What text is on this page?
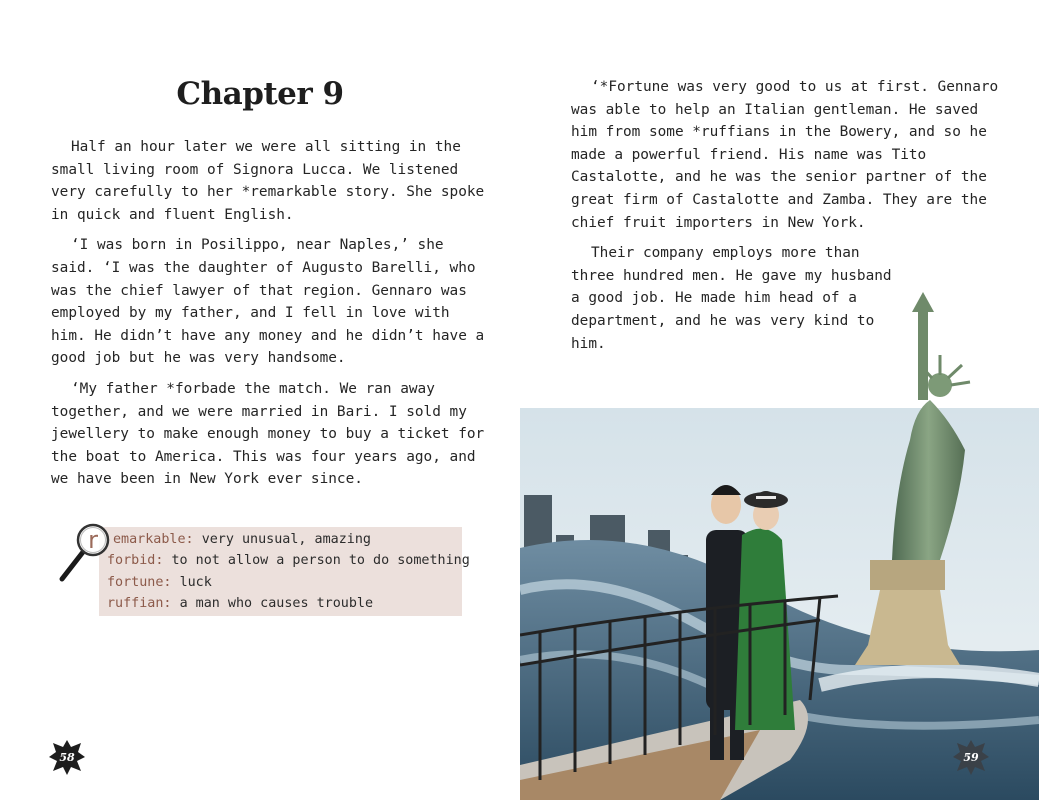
Chapter 9

Half an hour later we were all sitting in the small living room of Signora Lucca. We listened very carefully to her *remarkable story. She spoke in quick and fluent English.

‘I was born in Posilippo, near Naples,’ she said. ‘I was the daughter of Augusto Barelli, who was the chief lawyer of that region. Gennaro was employed by my father, and I fell in love with him. He didn’t have any money and he didn’t have a good job but he was very handsome.

‘My father *forbade the match. We ran away together, and we were married in Bari. I sold my jewellery to make enough money to buy a ticket for the boat to America. This was four years ago, and we have been in New York ever since.

emarkable: very unusual, amazing
forbid: to not allow a person to do something
fortune: luck
ruffian: a man who causes trouble
r
58

‘*Fortune was very good to us at first. Gennaro was able to help an Italian gentleman. He saved him from some *ruffians in the Bowery, and so he made a powerful friend. His name was Tito Castalotte, and he was the senior partner of the great firm of Castalotte and Zamba. They are the chief fruit importers in New York.

Their company employs more than three hundred men. He gave my husband a good job. He made him head of a department, and he was very kind to him.

59
